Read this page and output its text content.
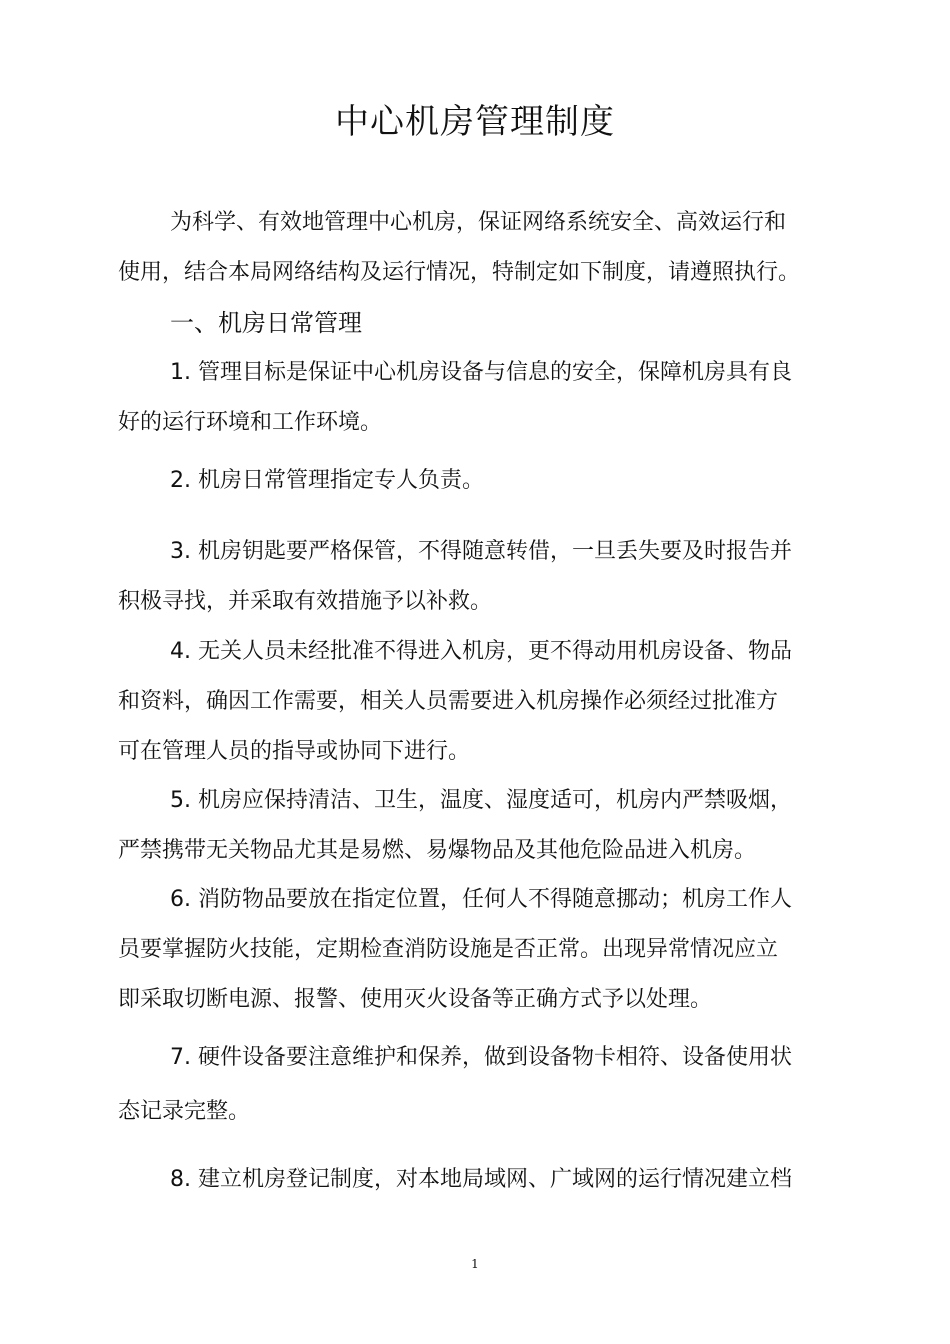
中心机房管理制度

为科学、有效地管理中心机房，保证网络系统安全、高效运行和

使用，结合本局网络结构及运行情况，特制定如下制度，请遵照执行。

一、机房日常管理

1. 管理目标是保证中心机房设备与信息的安全，保障机房具有良

好的运行环境和工作环境。

2. 机房日常管理指定专人负责。

3. 机房钥匙要严格保管，不得随意转借，一旦丢失要及时报告并

积极寻找，并采取有效措施予以补救。

4. 无关人员未经批准不得进入机房，更不得动用机房设备、物品

和资料，确因工作需要，相关人员需要进入机房操作必须经过批准方

可在管理人员的指导或协同下进行。

5. 机房应保持清洁、卫生，温度、湿度适可，机房内严禁吸烟，

严禁携带无关物品尤其是易燃、易爆物品及其他危险品进入机房。

6. 消防物品要放在指定位置，任何人不得随意挪动；机房工作人

员要掌握防火技能，定期检查消防设施是否正常。出现异常情况应立

即采取切断电源、报警、使用灭火设备等正确方式予以处理。

7. 硬件设备要注意维护和保养，做到设备物卡相符、设备使用状

态记录完整。

8. 建立机房登记制度，对本地局域网、广域网的运行情况建立档

1
